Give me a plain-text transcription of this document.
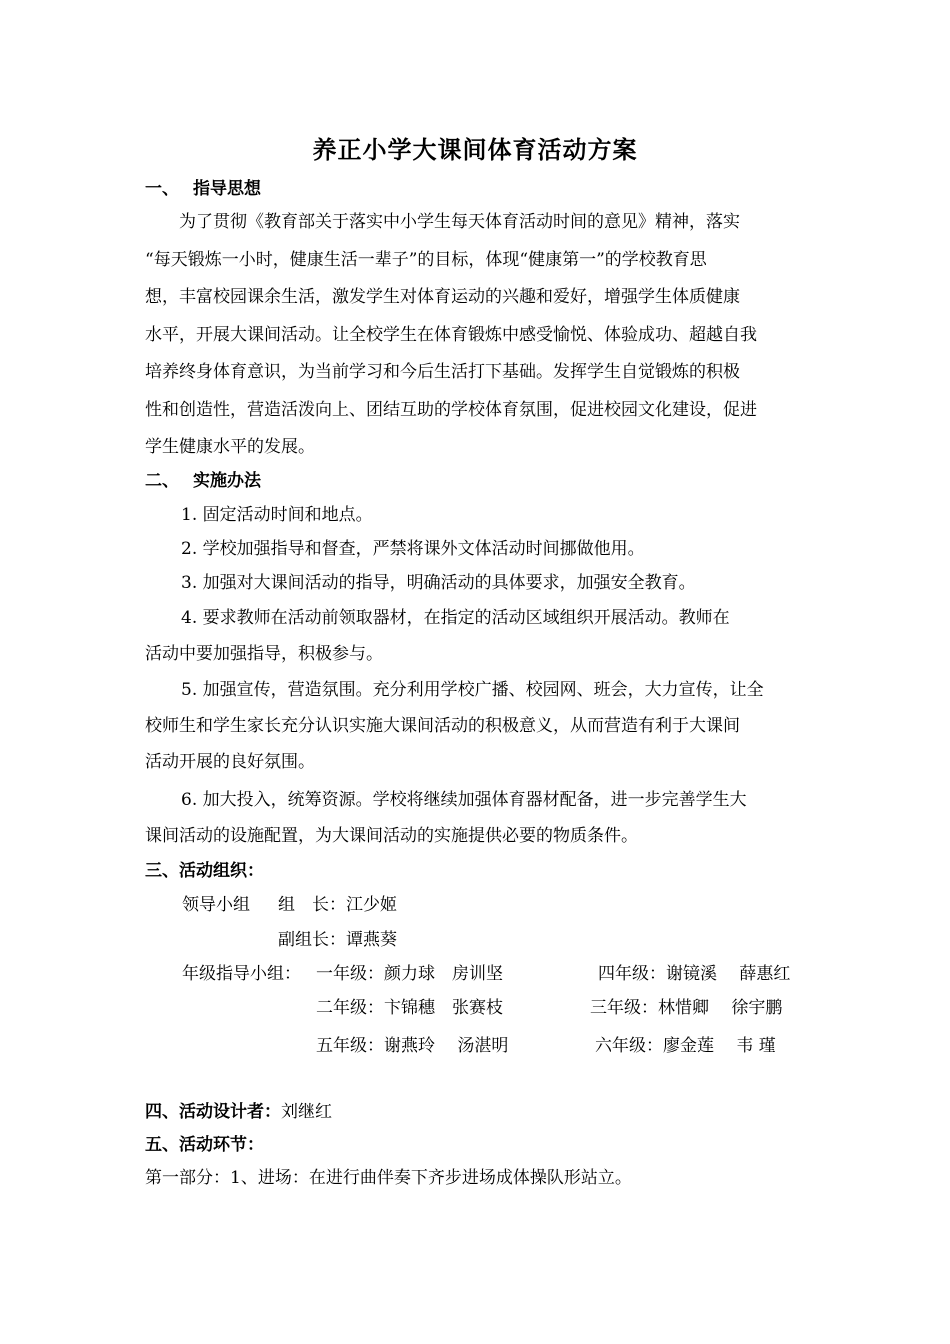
养正小学大课间体育活动方案
一、 指导思想
为了贯彻《教育部关于落实中小学生每天体育活动时间的意见》精神，落实
“每天锻炼一小时，健康生活一辈子”的目标，体现“健康第一”的学校教育思
想，丰富校园课余生活，激发学生对体育运动的兴趣和爱好，增强学生体质健康
水平，开展大课间活动。让全校学生在体育锻炼中感受愉悦、体验成功、超越自我
培养终身体育意识，为当前学习和今后生活打下基础。发挥学生自觉锻炼的积极
性和创造性，营造活泼向上、团结互助的学校体育氛围，促进校园文化建设，促进
学生健康水平的发展。
二、 实施办法
1. 固定活动时间和地点。
2. 学校加强指导和督查，严禁将课外文体活动时间挪做他用。
3. 加强对大课间活动的指导，明确活动的具体要求，加强安全教育。
4. 要求教师在活动前领取器材，在指定的活动区域组织开展活动。教师在
活动中要加强指导，积极参与。
5. 加强宣传，营造氛围。充分利用学校广播、校园网、班会，大力宣传，让全
校师生和学生家长充分认识实施大课间活动的积极意义，从而营造有利于大课间
活动开展的良好氛围。
6. 加大投入，统筹资源。学校将继续加强体育器材配备，进一步完善学生大
课间活动的设施配置，为大课间活动的实施提供必要的物质条件。
三、活动组织：
领导小组 组　长：江少姬
副组长：谭燕葵
年级指导小组： 一年级：颜力球　房训坚	四年级：谢镜溪　 薛惠红
二年级：卞锦穗　张赛枝	三年级：林惜卿　 徐宇鹏
五年级：谢燕玲　 汤湛明	六年级：廖金莲　 韦 瑾
四、活动设计者：刘继红
五、活动环节：
第一部分：1、进场：在进行曲伴奏下齐步进场成体操队形站立。
